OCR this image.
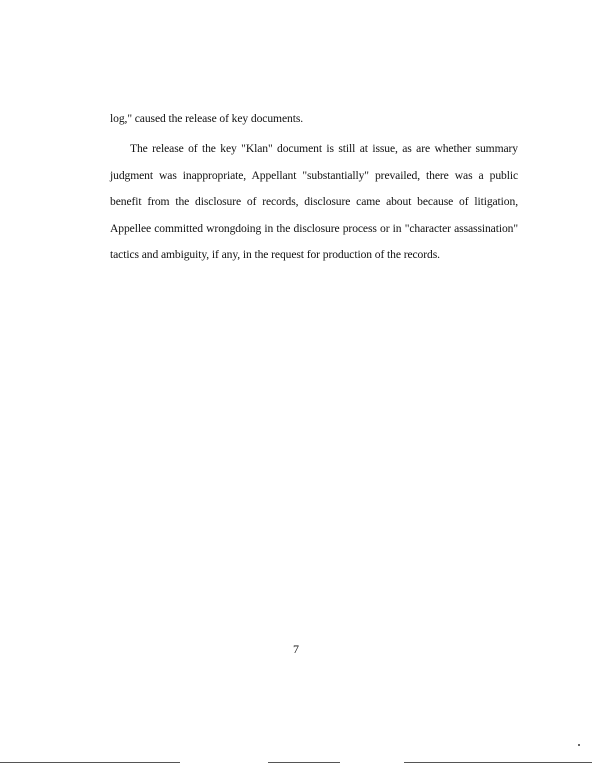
log," caused the release of key documents.

The release of the key "Klan" document is still at issue, as are whether summary

judgment was inappropriate, Appellant "substantially" prevailed, there was a public

benefit from the disclosure of records, disclosure came about because of litigation,

Appellee committed wrongdoing in the disclosure process or in "character assassination"

tactics and ambiguity, if any, in the request for production of the records.

7
